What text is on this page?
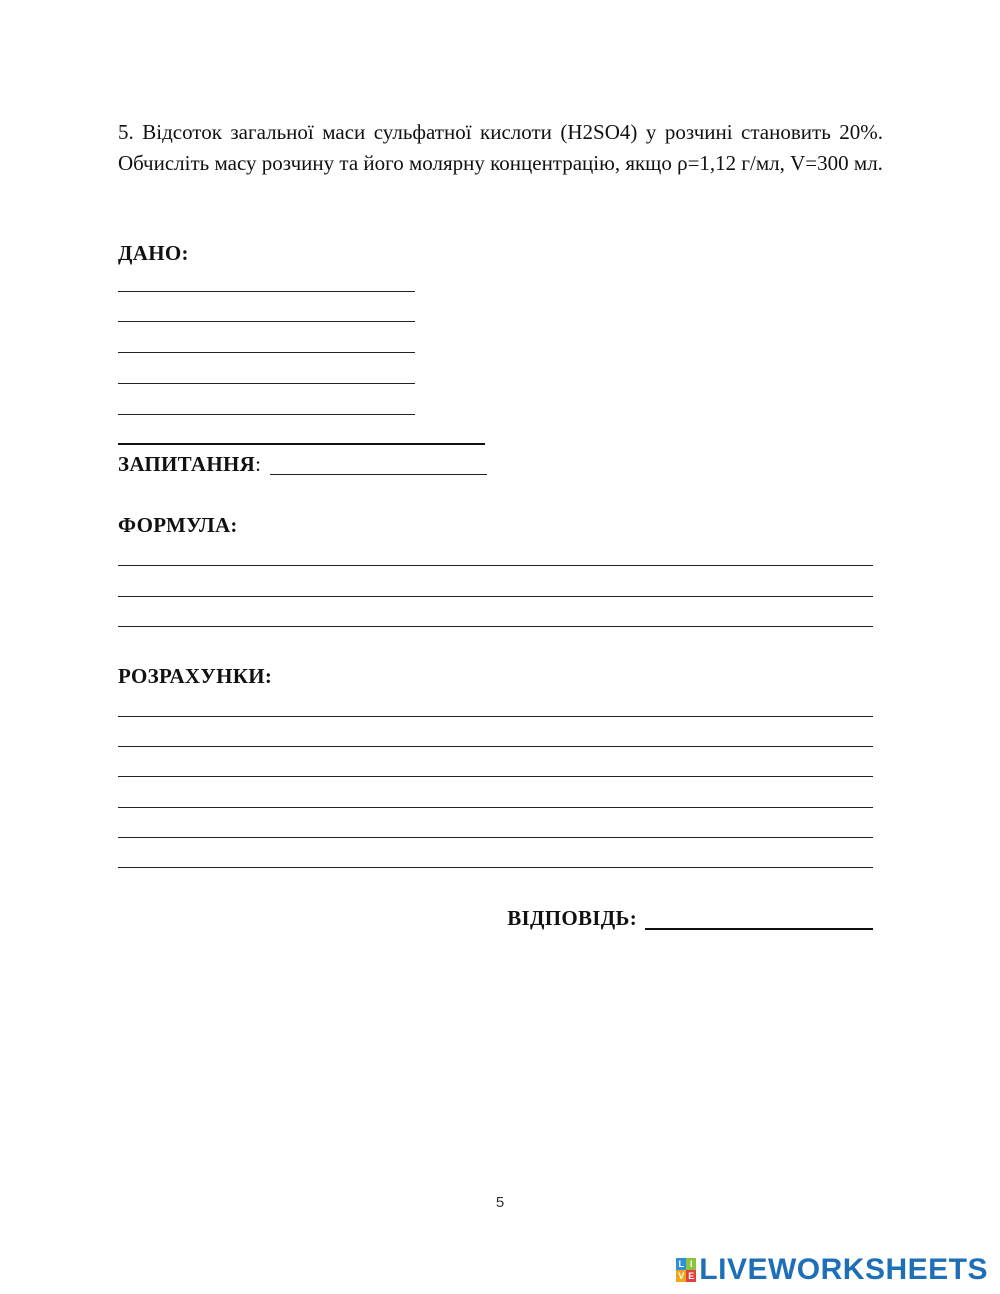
5. Відсоток загальної маси сульфатної кислоти (H2SO4) у розчині становить 20%. Обчисліть масу розчину та його молярну концентрацію, якщо ρ=1,12 г/мл, V=300 мл.
ДАНО:
ЗАПИТАННЯ :
ФОРМУЛА:
РОЗРАХУНКИ:
ВІДПОВІДЬ:
5
L I
V E LIVEWORKSHEETS
